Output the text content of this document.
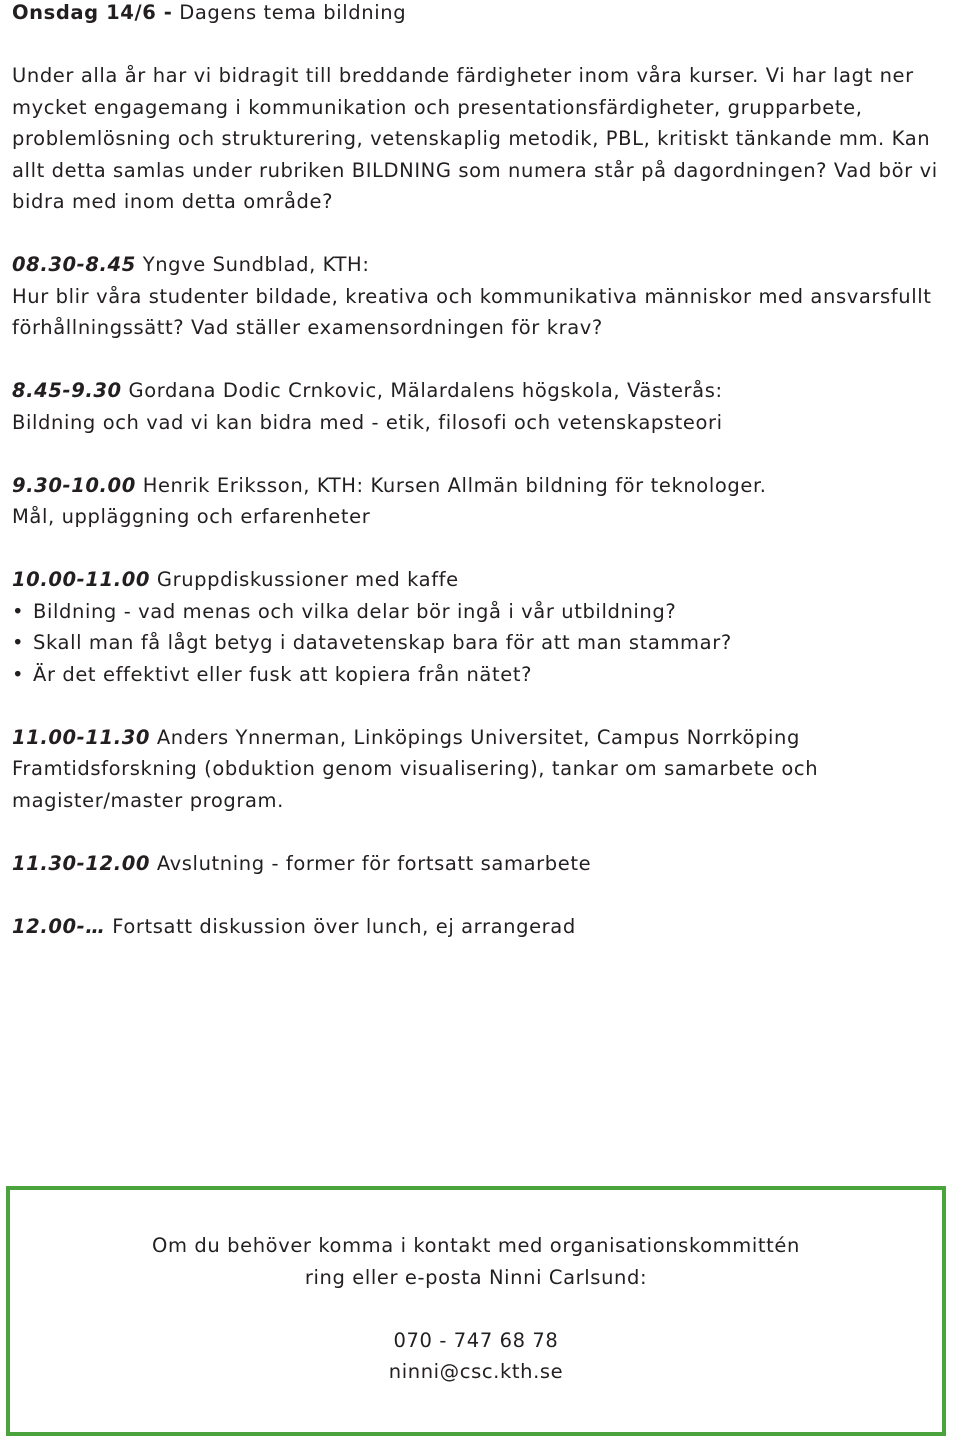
Onsdag 14/6 - Dagens tema bildning

Under alla år har vi bidragit till breddande färdigheter inom våra kurser. Vi har lagt ner mycket engagemang i kommunikation och presentationsfärdigheter, grupparbete, problemlösning och strukturering, vetenskaplig metodik, PBL, kritiskt tänkande mm. Kan allt detta samlas under rubriken BILDNING som numera står på dagordningen? Vad bör vi bidra med inom detta område?

08.30-8.45 Yngve Sundblad, KTH:

Hur blir våra studenter bildade, kreativa och kommunikativa människor med ansvarsfullt förhållningssätt? Vad ställer examensordningen för krav?

8.45-9.30 Gordana Dodic Crnkovic, Mälardalens högskola, Västerås:

Bildning och vad vi kan bidra med - etik, filosofi och vetenskapsteori

9.30-10.00 Henrik Eriksson, KTH: Kursen Allmän bildning för teknologer.

Mål, uppläggning och erfarenheter

10.00-11.00 Gruppdiskussioner med kaffe

• Bildning - vad menas och vilka delar bör ingå i vår utbildning?
• Skall man få lågt betyg i datavetenskap bara för att man stammar?
• Är det effektivt eller fusk att kopiera från nätet?

11.00-11.30 Anders Ynnerman, Linköpings Universitet, Campus Norrköping

Framtidsforskning (obduktion genom visualisering), tankar om samarbete och magister/master program.

11.30-12.00 Avslutning - former för fortsatt samarbete

12.00-… Fortsatt diskussion över lunch, ej arrangerad

Om du behöver komma i kontakt med organisationskommittén

ring eller e-posta Ninni Carlsund:

070 - 747 68 78

ninni@csc.kth.se
